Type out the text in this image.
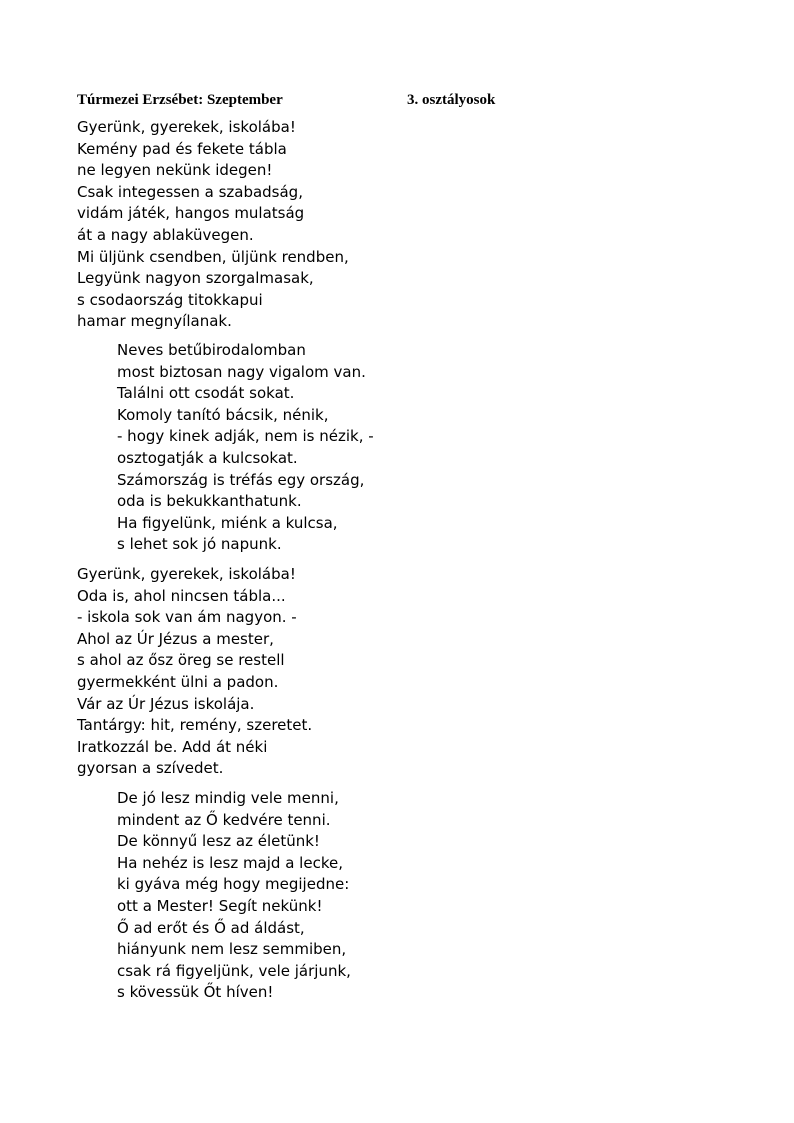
Túrmezei Erzsébet: Szeptember	3. osztályosok
Gyerünk, gyerekek, iskolába!
Kemény pad és fekete tábla
ne legyen nekünk idegen!
Csak integessen a szabadság,
vidám játék, hangos mulatság
át a nagy ablaküvegen.
Mi üljünk csendben, üljünk rendben,
Legyünk nagyon szorgalmasak,
s csodaország titokkapui
hamar megnyílanak.
Neves betűbirodalomban
most biztosan nagy vigalom van.
Találni ott csodát sokat.
Komoly tanító bácsik, nénik,
- hogy kinek adják, nem is nézik, -
osztogatják a kulcsokat.
Számország is tréfás egy ország,
oda is bekukkanthatunk.
Ha figyelünk, miénk a kulcsa,
s lehet sok jó napunk.
Gyerünk, gyerekek, iskolába!
Oda is, ahol nincsen tábla...
- iskola sok van ám nagyon. -
Ahol az Úr Jézus a mester,
s ahol az ősz öreg se restell
gyermekként ülni a padon.
Vár az Úr Jézus iskolája.
Tantárgy: hit, remény, szeretet.
Iratkozzál be. Add át néki
gyorsan a szívedet.
De jó lesz mindig vele menni,
mindent az Ő kedvére tenni.
De könnyű lesz az életünk!
Ha nehéz is lesz majd a lecke,
ki gyáva még hogy megijedne:
ott a Mester! Segít nekünk!
Ő ad erőt és Ő ad áldást,
hiányunk nem lesz semmiben,
csak rá figyeljünk, vele járjunk,
s kövessük Őt híven!
